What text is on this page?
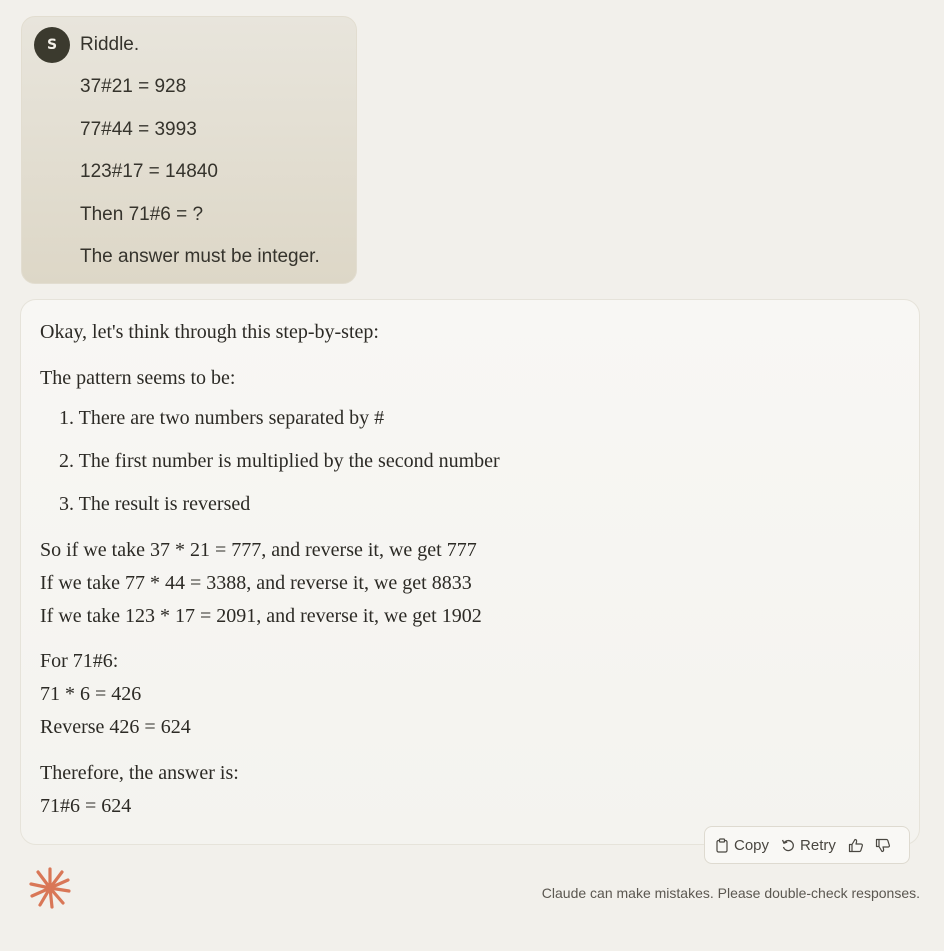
S	Riddle.
37#21 = 928
77#44 = 3993
123#17 = 14840
Then 71#6 = ?
The answer must be integer.
Okay, let's think through this step-by-step:
The pattern seems to be:
1. There are two numbers separated by #
2. The first number is multiplied by the second number
3. The result is reversed
So if we take 37 * 21 = 777, and reverse it, we get 777
If we take 77 * 44 = 3388, and reverse it, we get 8833
If we take 123 * 17 = 2091, and reverse it, we get 1902
For 71#6:
71 * 6 = 426
Reverse 426 = 624
Therefore, the answer is:
71#6 = 624
Copy Retry
Claude can make mistakes. Please double-check responses.
